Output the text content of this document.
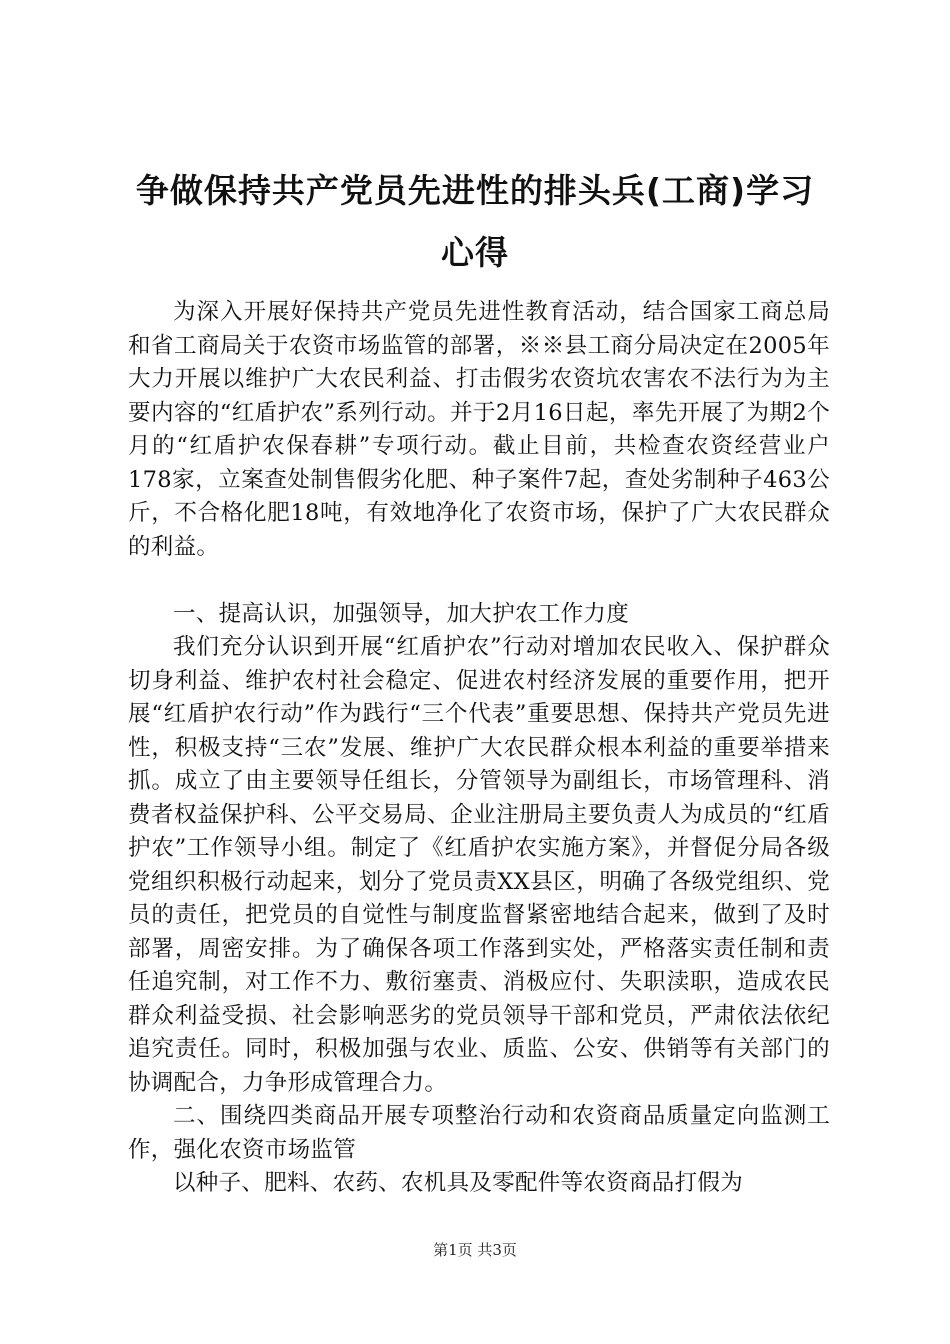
争做保持共产党员先进性的排头兵(工商)学习心得

为深入开展好保持共产党员先进性教育活动，结合国家工商总局和省工商局关于农资市场监管的部署，※※县工商分局决定在2005年大力开展以维护广大农民利益、打击假劣农资坑农害农不法行为为主要内容的“红盾护农”系列行动。并于2月16日起，率先开展了为期2个月的“红盾护农保春耕”专项行动。截止目前，共检查农资经营业户178家，立案查处制售假劣化肥、种子案件7起，查处劣制种子463公斤，不合格化肥18吨，有效地净化了农资市场，保护了广大农民群众的利益。

一、提高认识，加强领导，加大护农工作力度

我们充分认识到开展“红盾护农”行动对增加农民收入、保护群众切身利益、维护农村社会稳定、促进农村经济发展的重要作用，把开展“红盾护农行动”作为践行“三个代表”重要思想、保持共产党员先进性，积极支持“三农”发展、维护广大农民群众根本利益的重要举措来抓。成立了由主要领导任组长，分管领导为副组长，市场管理科、消费者权益保护科、公平交易局、企业注册局主要负责人为成员的“红盾护农”工作领导小组。制定了《红盾护农实施方案》，并督促分局各级党组织积极行动起来，划分了党员责XX县区，明确了各级党组织、党员的责任，把党员的自觉性与制度监督紧密地结合起来，做到了及时部署，周密安排。为了确保各项工作落到实处，严格落实责任制和责任追究制，对工作不力、敷衍塞责、消极应付、失职渎职，造成农民群众利益受损、社会影响恶劣的党员领导干部和党员，严肃依法依纪追究责任。同时，积极加强与农业、质监、公安、供销等有关部门的协调配合，力争形成管理合力。

二、围绕四类商品开展专项整治行动和农资商品质量定向监测工作，强化农资市场监管

以种子、肥料、农药、农机具及零配件等农资商品打假为

第1页 共3页
